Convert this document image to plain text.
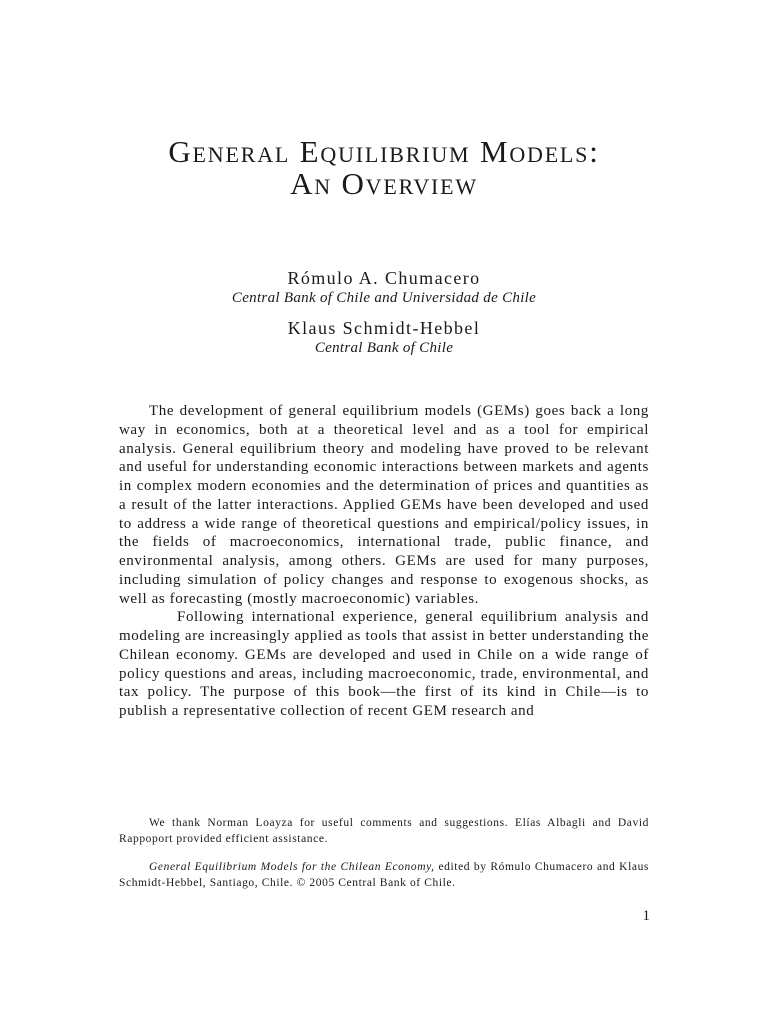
General Equilibrium Models:
An Overview
Rómulo A. Chumacero
Central Bank of Chile and Universidad de Chile
Klaus Schmidt-Hebbel
Central Bank of Chile

The development of general equilibrium models (GEMs) goes back a long way in economics, both at a theoretical level and as a tool for empirical analysis. General equilibrium theory and modeling have proved to be relevant and useful for understanding economic interactions between markets and agents in complex modern economies and the determination of prices and quantities as a result of the latter interactions. Applied GEMs have been developed and used to address a wide range of theoretical questions and empirical/policy issues, in the fields of macroeconomics, international trade, public finance, and environmental analysis, among others. GEMs are used for many purposes, including simulation of policy changes and response to exogenous shocks, as well as forecasting (mostly macroeconomic) variables.

Following international experience, general equilibrium analysis and modeling are increasingly applied as tools that assist in better understanding the Chilean economy. GEMs are developed and used in Chile on a wide range of policy questions and areas, including macroeconomic, trade, environmental, and tax policy. The purpose of this book—the first of its kind in Chile—is to publish a representative collection of recent GEM research and

We thank Norman Loayza for useful comments and suggestions. Elías Albagli and David Rappoport provided efficient assistance.

General Equilibrium Models for the Chilean Economy, edited by Rómulo Chumacero and Klaus Schmidt-Hebbel, Santiago, Chile. © 2005 Central Bank of Chile.

1
